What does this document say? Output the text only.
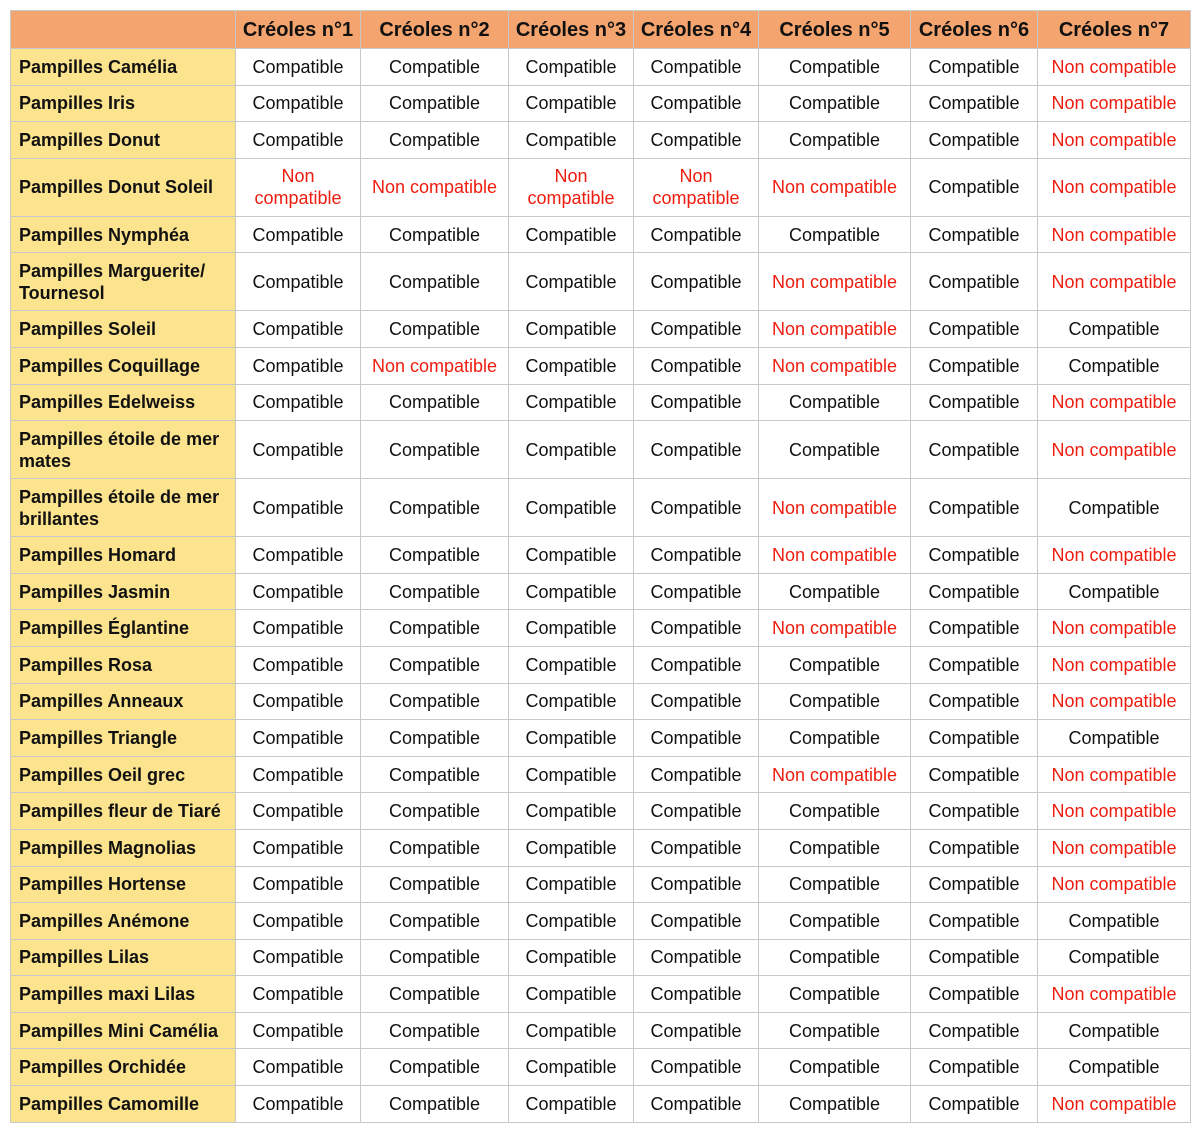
	Créoles n°1	Créoles n°2	Créoles n°3	Créoles n°4	Créoles n°5	Créoles n°6	Créoles n°7
Pampilles Camélia	Compatible	Compatible	Compatible	Compatible	Compatible	Compatible	Non compatible
Pampilles Iris	Compatible	Compatible	Compatible	Compatible	Compatible	Compatible	Non compatible
Pampilles Donut	Compatible	Compatible	Compatible	Compatible	Compatible	Compatible	Non compatible
Pampilles Donut Soleil	Non compatible	Non compatible	Non compatible	Non compatible	Non compatible	Compatible	Non compatible
Pampilles Nymphéa	Compatible	Compatible	Compatible	Compatible	Compatible	Compatible	Non compatible
Pampilles Marguerite/ Tournesol	Compatible	Compatible	Compatible	Compatible	Non compatible	Compatible	Non compatible
Pampilles Soleil	Compatible	Compatible	Compatible	Compatible	Non compatible	Compatible	Compatible
Pampilles Coquillage	Compatible	Non compatible	Compatible	Compatible	Non compatible	Compatible	Compatible
Pampilles Edelweiss	Compatible	Compatible	Compatible	Compatible	Compatible	Compatible	Non compatible
Pampilles étoile de mer mates	Compatible	Compatible	Compatible	Compatible	Compatible	Compatible	Non compatible
Pampilles étoile de mer brillantes	Compatible	Compatible	Compatible	Compatible	Non compatible	Compatible	Compatible
Pampilles Homard	Compatible	Compatible	Compatible	Compatible	Non compatible	Compatible	Non compatible
Pampilles Jasmin	Compatible	Compatible	Compatible	Compatible	Compatible	Compatible	Compatible
Pampilles Églantine	Compatible	Compatible	Compatible	Compatible	Non compatible	Compatible	Non compatible
Pampilles Rosa	Compatible	Compatible	Compatible	Compatible	Compatible	Compatible	Non compatible
Pampilles Anneaux	Compatible	Compatible	Compatible	Compatible	Compatible	Compatible	Non compatible
Pampilles Triangle	Compatible	Compatible	Compatible	Compatible	Compatible	Compatible	Compatible
Pampilles Oeil grec	Compatible	Compatible	Compatible	Compatible	Non compatible	Compatible	Non compatible
Pampilles fleur de Tiaré	Compatible	Compatible	Compatible	Compatible	Compatible	Compatible	Non compatible
Pampilles Magnolias	Compatible	Compatible	Compatible	Compatible	Compatible	Compatible	Non compatible
Pampilles Hortense	Compatible	Compatible	Compatible	Compatible	Compatible	Compatible	Non compatible
Pampilles Anémone	Compatible	Compatible	Compatible	Compatible	Compatible	Compatible	Compatible
Pampilles Lilas	Compatible	Compatible	Compatible	Compatible	Compatible	Compatible	Compatible
Pampilles maxi Lilas	Compatible	Compatible	Compatible	Compatible	Compatible	Compatible	Non compatible
Pampilles Mini Camélia	Compatible	Compatible	Compatible	Compatible	Compatible	Compatible	Compatible
Pampilles Orchidée	Compatible	Compatible	Compatible	Compatible	Compatible	Compatible	Compatible
Pampilles Camomille	Compatible	Compatible	Compatible	Compatible	Compatible	Compatible	Non compatible
